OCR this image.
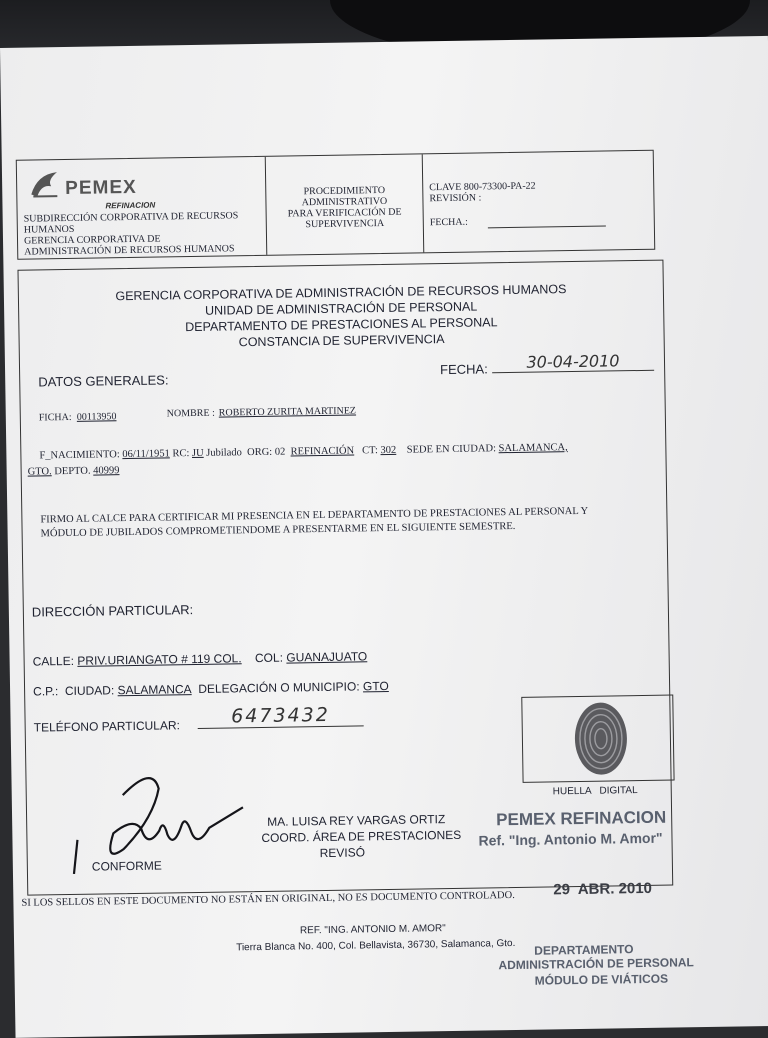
PEMEX
REFINACION
SUBDIRECCIÓN CORPORATIVA DE RECURSOS
HUMANOS
GERENCIA CORPORATIVA DE
ADMINISTRACIÓN DE RECURSOS HUMANOS
PROCEDIMIENTO
ADMINISTRATIVO
PARA VERIFICACIÓN DE
SUPERVIVENCIA
CLAVE 800-73300-PA-22
REVISIÓN :
FECHA.:
GERENCIA CORPORATIVA DE ADMINISTRACIÓN DE RECURSOS HUMANOS
UNIDAD DE ADMINISTRACIÓN DE PERSONAL
DEPARTAMENTO DE PRESTACIONES AL PERSONAL
CONSTANCIA DE SUPERVIVENCIA
DATOS GENERALES:
FECHA:	30-04-2010
FICHA: 00113950	NOMBRE : ROBERTO ZURITA MARTINEZ
F_NACIMIENTO: 06/11/1951 RC: JU Jubilado ORG: 02 REFINACIÓN CT: 302 SEDE EN CIUDAD: SALAMANCA,
GTO. DEPTO. 40999
FIRMO AL CALCE PARA CERTIFICAR MI PRESENCIA EN EL DEPARTAMENTO DE PRESTACIONES AL PERSONAL Y
MÓDULO DE JUBILADOS COMPROMETIENDOME A PRESENTARME EN EL SIGUIENTE SEMESTRE.
DIRECCIÓN PARTICULAR:
CALLE: PRIV.URIANGATO # 119 COL. COL: GUANAJUATO
C.P.: CIUDAD: SALAMANCA DELEGACIÓN O MUNICIPIO: GTO
TELÉFONO PARTICULAR:	6473432
HUELLA   DIGITAL
CONFORME
MA. LUISA REY VARGAS ORTIZ
COORD. ÁREA DE PRESTACIONES
REVISÓ
PEMEX REFINACION
Ref. "Ing. Antonio M. Amor"
29  ABR. 2010
DEPARTAMENTO
ADMINISTRACIÓN DE PERSONAL
MÓDULO DE VIÁTICOS
SI LOS SELLOS EN ESTE DOCUMENTO NO ESTÁN EN ORIGINAL, NO ES DOCUMENTO CONTROLADO.
REF. "ING. ANTONIO M. AMOR"
Tierra Blanca No. 400, Col. Bellavista, 36730, Salamanca, Gto.
